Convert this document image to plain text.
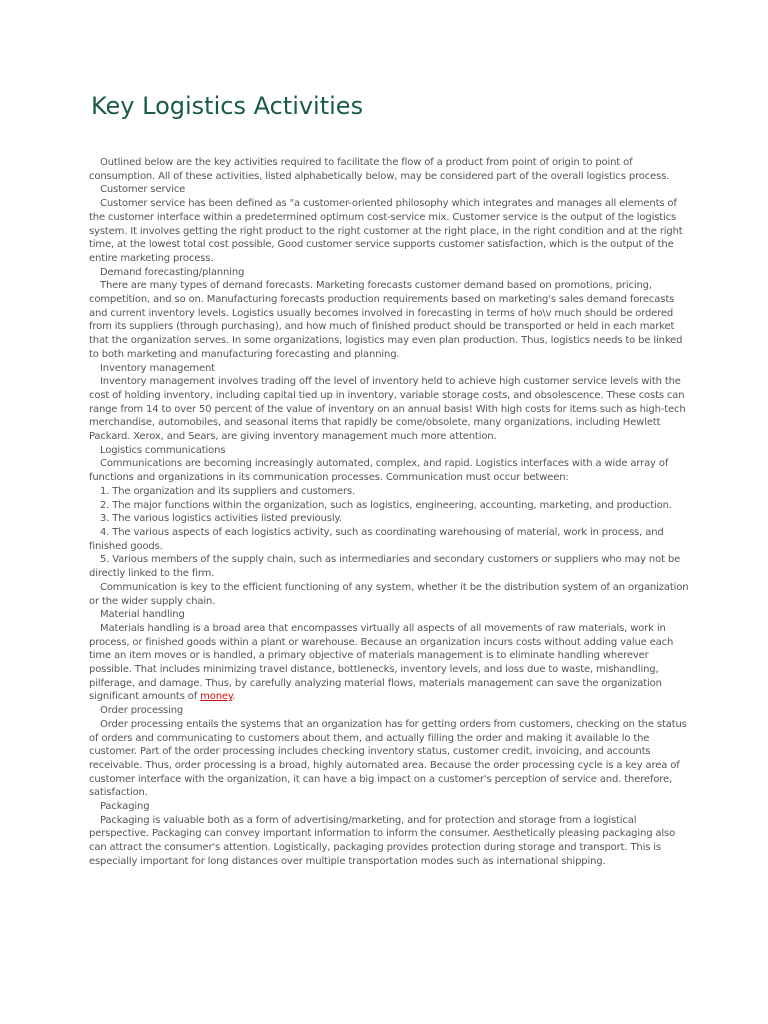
Key Logistics Activities

Outlined below are the key activities required to facilitate the flow of a product from point of origin to point of consumption. All of these activities, listed alphabetically below, may be considered part of the overall logistics process.

Customer service

Customer service has been defined as "a customer-oriented philosophy which integrates and manages all elements of the customer interface within a predetermined optimum cost-service mix. Customer service is the output of the logistics system. It involves getting the right product to the right customer at the right place, in the right condition and at the right time, at the lowest total cost possible, Good customer service supports customer satisfaction, which is the output of the entire marketing process.

Demand forecasting/planning

There are many types of demand forecasts. Marketing forecasts customer demand based on promotions, pricing, competition, and so on. Manufacturing forecasts production requirements based on marketing's sales demand forecasts and current inventory levels. Logistics usually becomes involved in forecasting in terms of ho\v much should be ordered from its suppliers (through purchasing), and how much of finished product should be transported or held in each market that the organization serves. In some organizations, logistics may even plan production. Thus, logistics needs to be linked to both marketing and manufacturing forecasting and planning.

Inventory management

Inventory management involves trading off the level of inventory held to achieve high customer service levels with the cost of holding inventory, including capital tied up in inventory, variable storage costs, and obsolescence. These costs can range from 14 to over 50 percent of the value of inventory on an annual basis! With high costs for items such as high-tech merchandise, automobiles, and seasonal items that rapidly be come/obsolete, many organizations, including Hewlett Packard. Xerox, and Sears, are giving inventory management much more attention.

Logistics communications

Communications are becoming increasingly automated, complex, and rapid. Logistics interfaces with a wide array of functions and organizations in its communication processes. Communication must occur between:

1. The organization and its suppliers and customers.

2. The major functions within the organization, such as logistics, engineering, accounting, marketing, and production.

3. The various logistics activities listed previously.

4. The various aspects of each logistics activity, such as coordinating warehousing of material, work in process, and finished goods.

5. Various members of the supply chain, such as intermediaries and secondary customers or suppliers who may not be directly linked to the firm.

Communication is key to the efficient functioning of any system, whether it be the distribution system of an organization or the wider supply chain.

Material handling

Materials handling is a broad area that encompasses virtually all aspects of all movements of raw materials, work in process, or finished goods within a plant or warehouse. Because an organization incurs costs without adding value each time an item moves or is handled, a primary objective of materials management is to eliminate handling wherever possible. That includes minimizing travel distance, bottlenecks, inventory levels, and loss due to waste, mishandling, pilferage, and damage. Thus, by carefully analyzing material flows, materials management can save the organization significant amounts of money.

Order processing

Order processing entails the systems that an organization has for getting orders from customers, checking on the status of orders and communicating to customers about them, and actually filling the order and making it available lo the customer. Part of the order processing includes checking inventory status, customer credit, invoicing, and accounts receivable. Thus, order processing is a broad, highly automated area. Because the order processing cycle is a key area of customer interface with the organization, it can have a big impact on a customer's perception of service and. therefore, satisfaction.

Packaging

Packaging is valuable both as a form of advertising/marketing, and for protection and storage from a logistical perspective. Packaging can convey important information to inform the consumer. Aesthetically pleasing packaging also can attract the consumer's attention. Logistically, packaging provides protection during storage and transport. This is especially important for long distances over multiple transportation modes such as international shipping.
